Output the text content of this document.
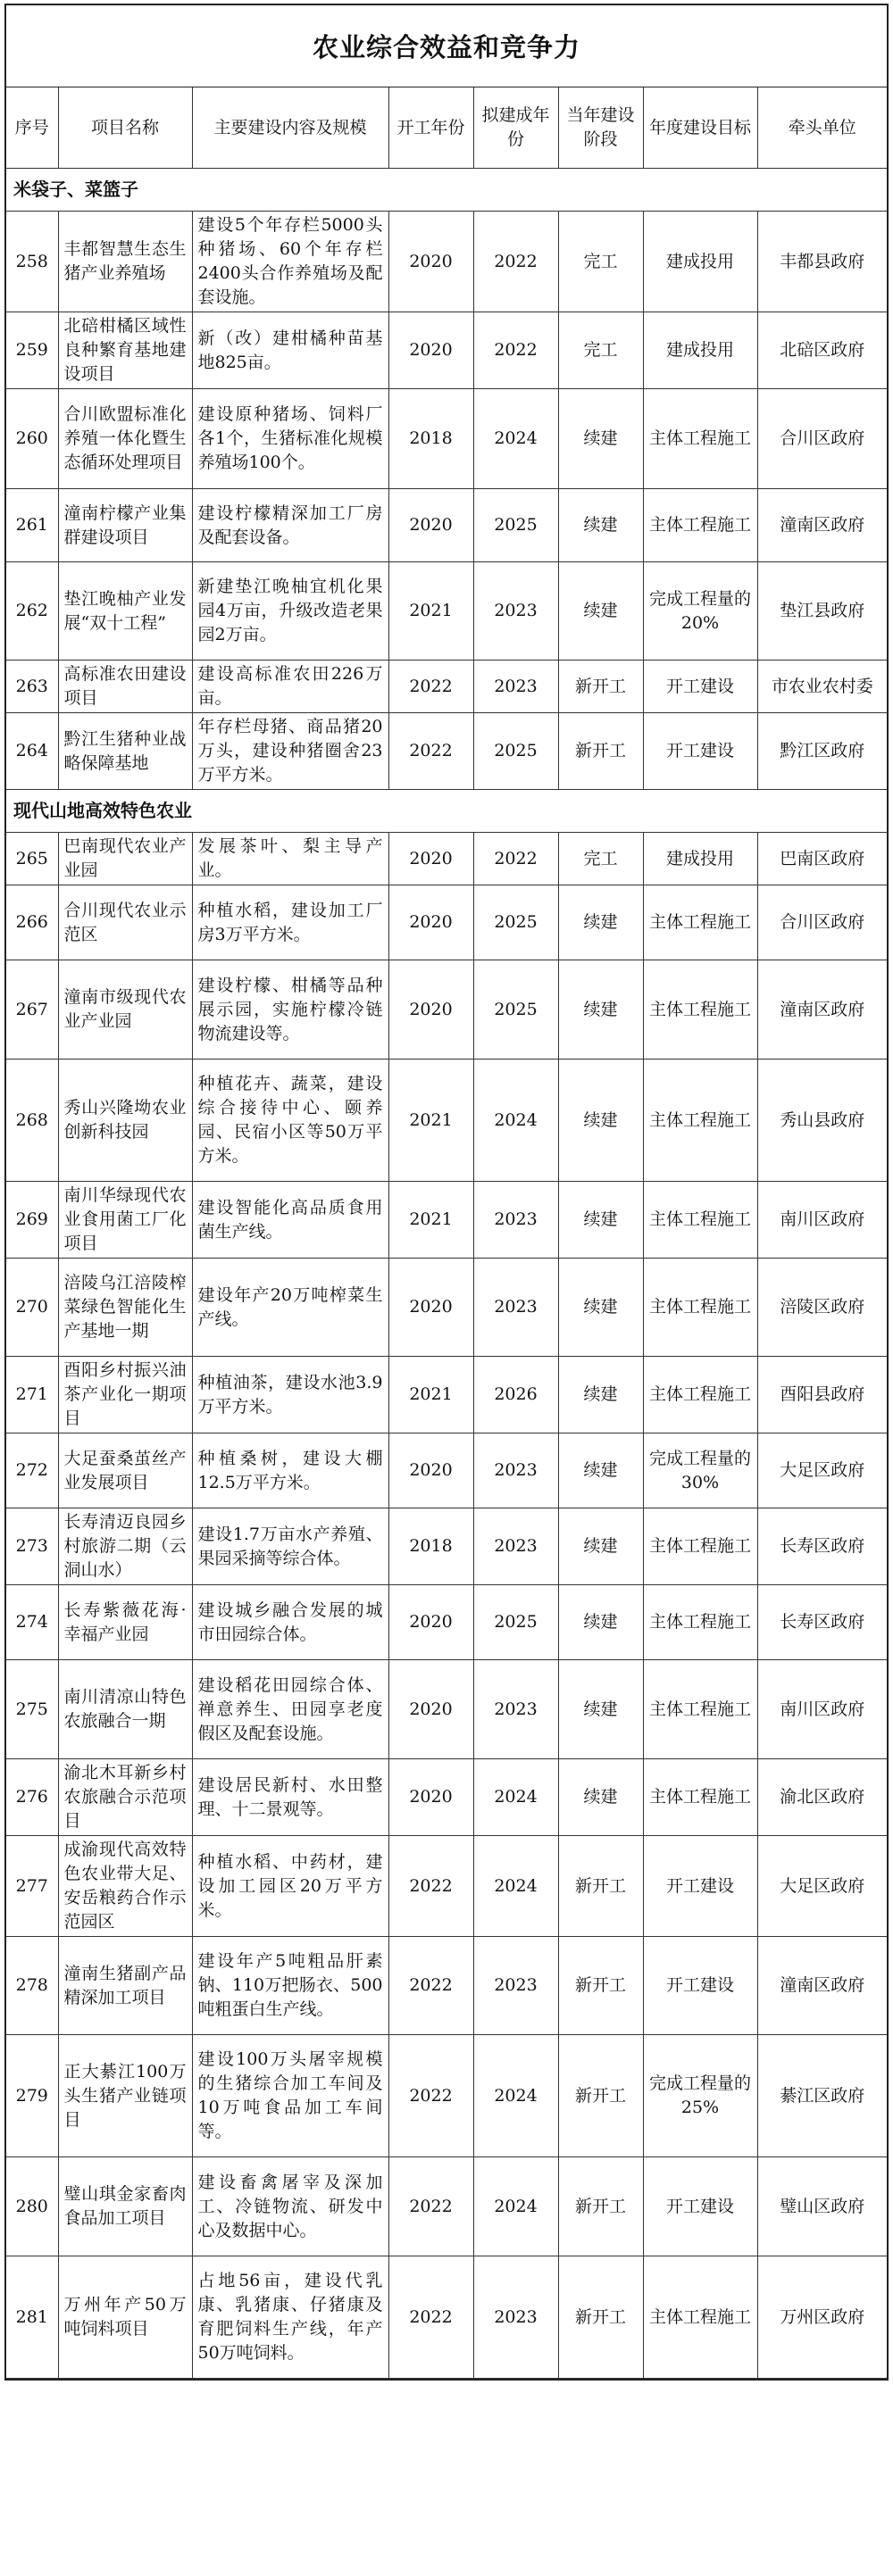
农业综合效益和竞争力
序号	项目名称	主要建设内容及规模	开工年份	拟建成年份	当年建设阶段	年度建设目标	牵头单位
米袋子、菜篮子							
258	丰都智慧生态生猪产业养殖场	建设5个年存栏5000头种猪场、60个年存栏2400头合作养殖场及配套设施。	2020	2022	完工	建成投用	丰都县政府
259	北碚柑橘区域性良种繁育基地建设项目	新（改）建柑橘种苗基地825亩。	2020	2022	完工	建成投用	北碚区政府
260	合川欧盟标准化养殖一体化暨生态循环处理项目	建设原种猪场、饲料厂各1个，生猪标准化规模养殖场100个。	2018	2024	续建	主体工程施工	合川区政府
261	潼南柠檬产业集群建设项目	建设柠檬精深加工厂房及配套设备。	2020	2025	续建	主体工程施工	潼南区政府
262	垫江晚柚产业发展“双十工程”	新建垫江晚柚宜机化果园4万亩，升级改造老果园2万亩。	2021	2023	续建	完成工程量的20%	垫江县政府
263	高标准农田建设项目	建设高标准农田226万亩。	2022	2023	新开工	开工建设	市农业农村委
264	黔江生猪种业战略保障基地	年存栏母猪、商品猪20万头，建设种猪圈舍23万平方米。	2022	2025	新开工	开工建设	黔江区政府
现代山地高效特色农业							
265	巴南现代农业产业园	发展茶叶、梨主导产业。	2020	2022	完工	建成投用	巴南区政府
266	合川现代农业示范区	种植水稻，建设加工厂房3万平方米。	2020	2025	续建	主体工程施工	合川区政府
267	潼南市级现代农业产业园	建设柠檬、柑橘等品种展示园，实施柠檬冷链物流建设等。	2020	2025	续建	主体工程施工	潼南区政府
268	秀山兴隆坳农业创新科技园	种植花卉、蔬菜，建设综合接待中心、颐养园、民宿小区等50万平方米。	2021	2024	续建	主体工程施工	秀山县政府
269	南川华绿现代农业食用菌工厂化项目	建设智能化高品质食用菌生产线。	2021	2023	续建	主体工程施工	南川区政府
270	涪陵乌江涪陵榨菜绿色智能化生产基地一期	建设年产20万吨榨菜生产线。	2020	2023	续建	主体工程施工	涪陵区政府
271	酉阳乡村振兴油茶产业化一期项目	种植油茶，建设水池3.9万平方米。	2021	2026	续建	主体工程施工	酉阳县政府
272	大足蚕桑茧丝产业发展项目	种植桑树，建设大棚12.5万平方米。	2020	2023	续建	完成工程量的30%	大足区政府
273	长寿清迈良园乡村旅游二期（云洞山水）	建设1.7万亩水产养殖、果园采摘等综合体。	2018	2023	续建	主体工程施工	长寿区政府
274	长寿紫薇花海·幸福产业园	建设城乡融合发展的城市田园综合体。	2020	2025	续建	主体工程施工	长寿区政府
275	南川清凉山特色农旅融合一期	建设稻花田园综合体、禅意养生、田园享老度假区及配套设施。	2020	2023	续建	主体工程施工	南川区政府
276	渝北木耳新乡村农旅融合示范项目	建设居民新村、水田整理、十二景观等。	2020	2024	续建	主体工程施工	渝北区政府
277	成渝现代高效特色农业带大足、安岳粮药合作示范园区	种植水稻、中药材，建设加工园区20万平方米。	2022	2024	新开工	开工建设	大足区政府
278	潼南生猪副产品精深加工项目	建设年产5吨粗品肝素钠、110万把肠衣、500吨粗蛋白生产线。	2022	2023	新开工	开工建设	潼南区政府
279	正大綦江100万头生猪产业链项目	建设100万头屠宰规模的生猪综合加工车间及10万吨食品加工车间等。	2022	2024	新开工	完成工程量的25%	綦江区政府
280	璧山琪金家畜肉食品加工项目	建设畜禽屠宰及深加工、冷链物流、研发中心及数据中心。	2022	2024	新开工	开工建设	璧山区政府
281	万州年产50万吨饲料项目	占地56亩，建设代乳康、乳猪康、仔猪康及育肥饲料生产线，年产50万吨饲料。	2022	2023	新开工	主体工程施工	万州区政府
